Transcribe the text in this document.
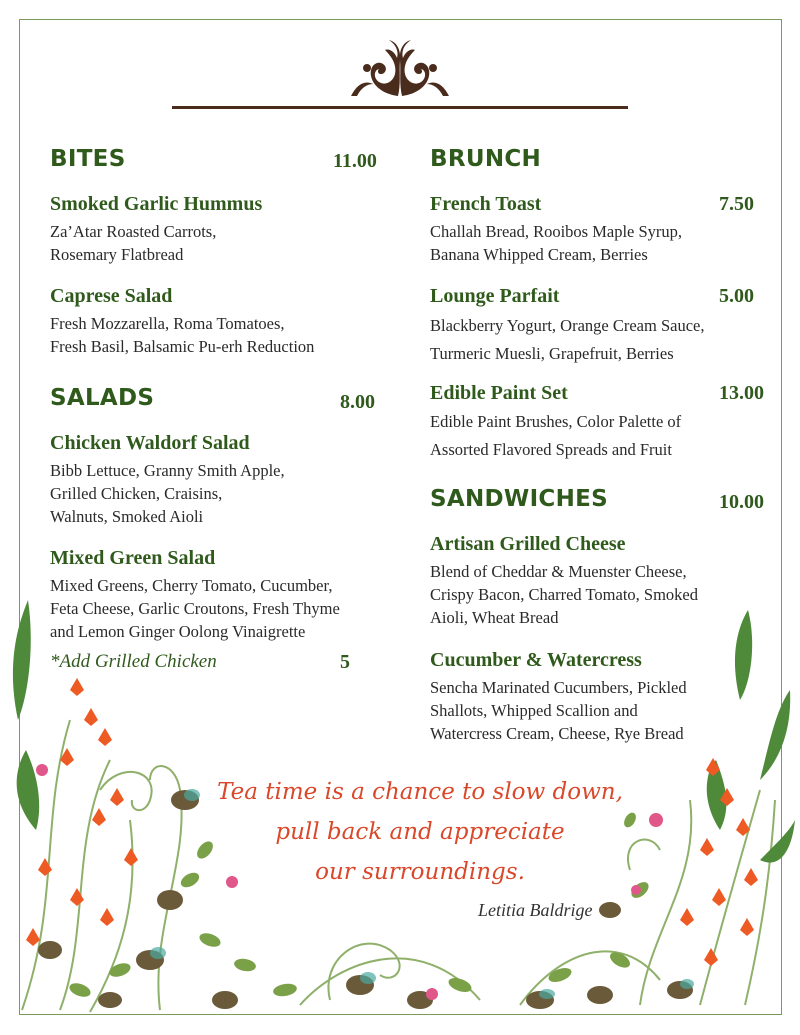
BITES	11.00
Smoked Garlic Hummus
Za’Atar Roasted Carrots,
Rosemary Flatbread
Caprese Salad
Fresh Mozzarella, Roma Tomatoes,
Fresh Basil, Balsamic Pu-erh Reduction
SALADS	8.00
Chicken Waldorf Salad
Bibb Lettuce, Granny Smith Apple,
Grilled Chicken, Craisins,
Walnuts, Smoked Aioli
Mixed Green Salad
Mixed Greens, Cherry Tomato, Cucumber,
Feta Cheese, Garlic Croutons, Fresh Thyme
and Lemon Ginger Oolong Vinaigrette
*Add Grilled Chicken	5
BRUNCH
French Toast	7.50
Challah Bread, Rooibos Maple Syrup,
Banana Whipped Cream, Berries
Lounge Parfait	5.00
Blackberry Yogurt, Orange Cream Sauce,
Turmeric Muesli, Grapefruit, Berries
Edible Paint Set	13.00
Edible Paint Brushes, Color Palette of
Assorted Flavored Spreads and Fruit
SANDWICHES	10.00
Artisan Grilled Cheese
Blend of Cheddar & Muenster Cheese,
Crispy Bacon, Charred Tomato, Smoked
Aioli, Wheat Bread
Cucumber & Watercress
Sencha Marinated Cucumbers, Pickled
Shallots, Whipped Scallion and
Watercress Cream, Cheese, Rye Bread
Tea time is a chance to slow down,
pull back and appreciate
our surroundings.
Letitia Baldrige
